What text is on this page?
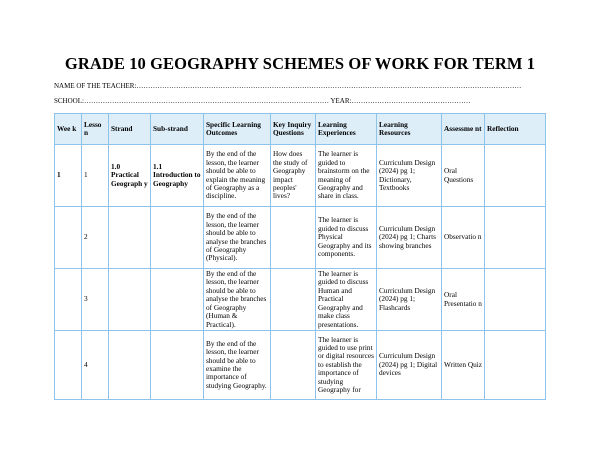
GRADE 10 GEOGRAPHY SCHEMES OF WORK FOR TERM 1
NAME OF THE TEACHER:…………………………………………………………………………………………………………………………………………………
SCHOOL:…………………………………………………………………………………………… YEAR:……………………………………………
Wee k	Lesso n	Strand	Sub-strand	Specific Learning Outcomes	Key Inquiry Questions	Learning Experiences	Learning Resources	Assessme nt	Reflection
1	1	1.0 Practical Geograph y	1.1 Introduction to Geography	By the end of the lesson, the learner should be able to explain the meaning of Geography as a discipline.	How does the study of Geography impact peoples' lives?	The learner is guided to brainstorm on the meaning of Geography and share in class.	Curriculum Design (2024) pg 1; Dictionary, Textbooks	Oral Questions	
	2			By the end of the lesson, the learner should be able to analyse the branches of Geography (Physical).		The learner is guided to discuss Physical Geography and its components.	Curriculum Design (2024) pg 1; Charts showing branches	Observatio n	
	3			By the end of the lesson, the learner should be able to analyse the branches of Geography (Human & Practical).		The learner is guided to discuss Human and Practical Geography and make class presentations.	Curriculum Design (2024) pg 1; Flashcards	Oral Presentatio n	
	4			By the end of the lesson, the learner should be able to examine the importance of studying Geography.		The learner is guided to use print or digital resources to establish the importance of studying Geography for	Curriculum Design (2024) pg 1; Digital devices	Written Quiz	
